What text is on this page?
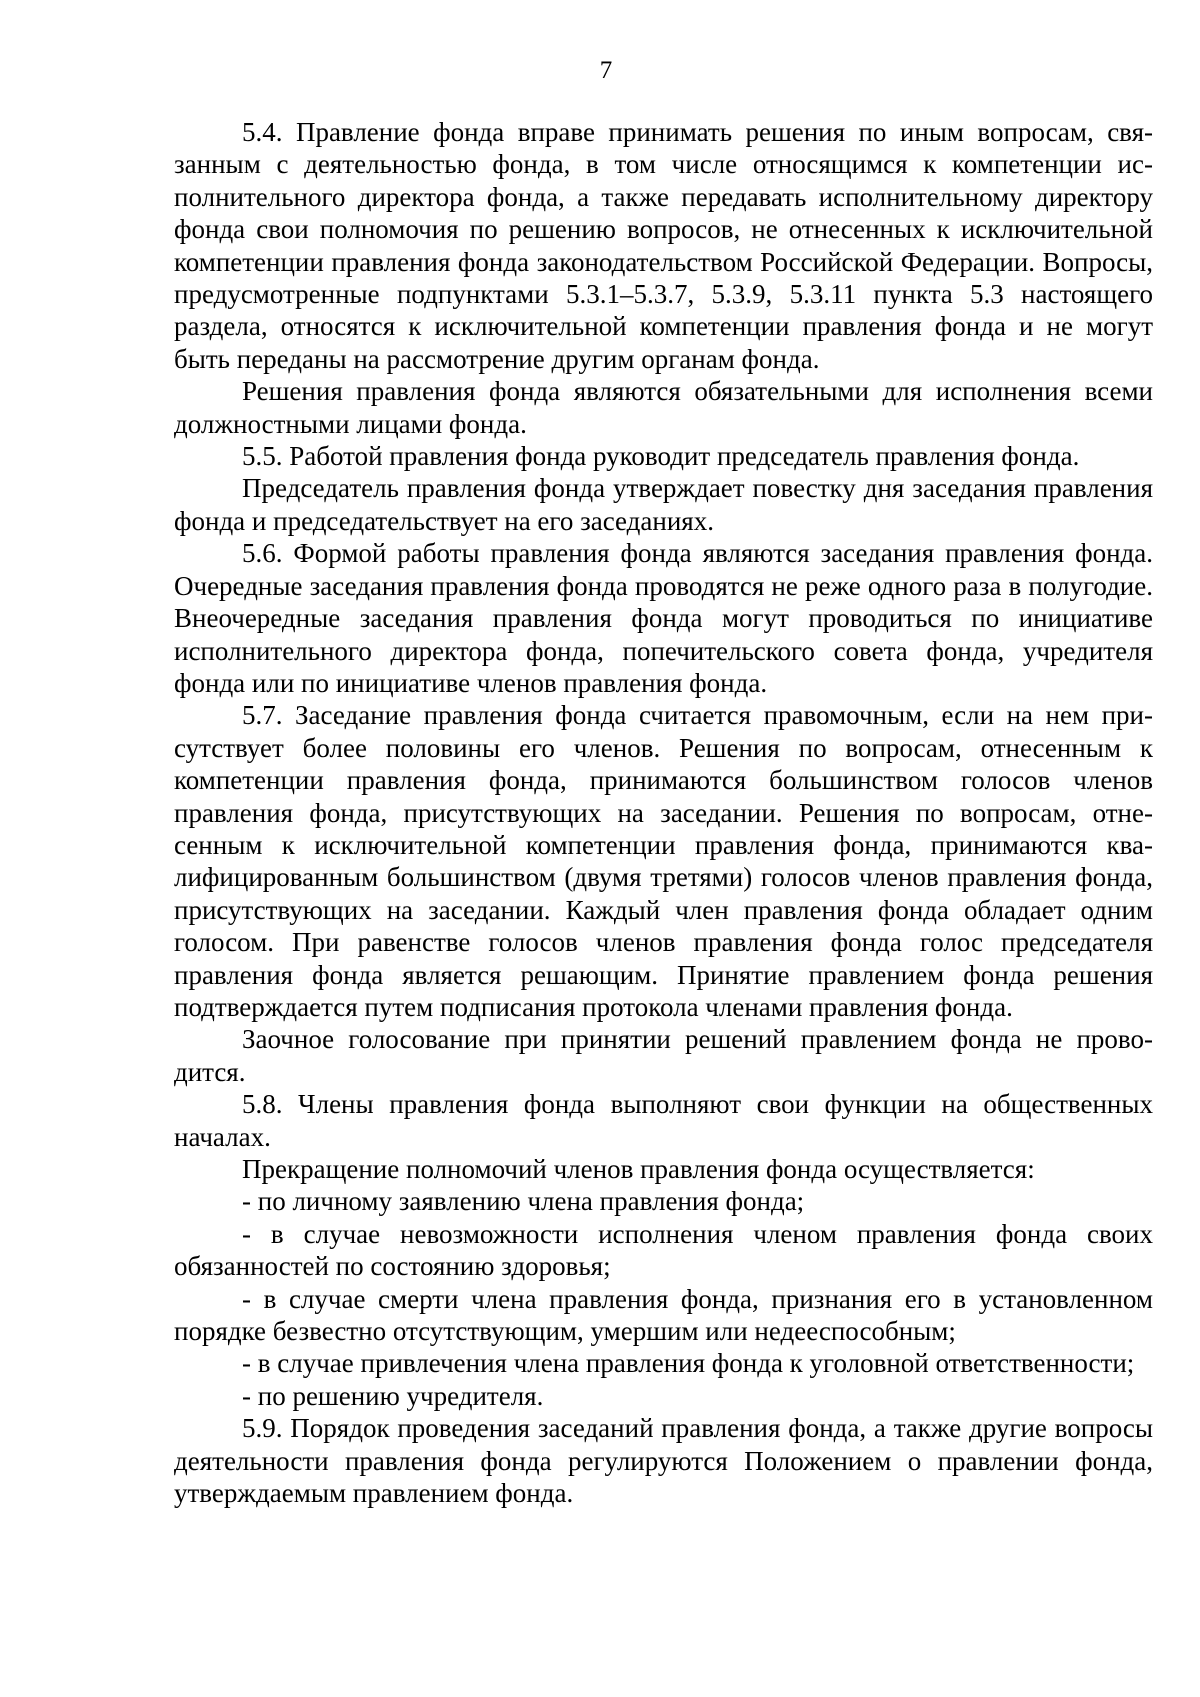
7

5.4. Правление фонда вправе принимать решения по иным вопросам, связанным с деятельностью фонда, в том числе относящимся к компетенции исполнительного директора фонда, а также передавать исполнительному директору фонда свои полномочия по решению вопросов, не отнесенных к исключительной компетенции правления фонда законодательством Российской Федерации. Вопросы, предусмотренные подпунктами 5.3.1–5.3.7, 5.3.9, 5.3.11 пункта 5.3 настоящего раздела, относятся к исключительной компетенции правления фонда и не могут быть переданы на рассмотрение другим органам фонда.

Решения правления фонда являются обязательными для исполнения всеми должностными лицами фонда.

5.5. Работой правления фонда руководит председатель правления фонда.

Председатель правления фонда утверждает повестку дня заседания правления фонда и председательствует на его заседаниях.

5.6. Формой работы правления фонда являются заседания правления фонда. Очередные заседания правления фонда проводятся не реже одного раза в полугодие. Внеочередные заседания правления фонда могут проводиться по инициативе исполнительного директора фонда, попечительского совета фонда, учредителя фонда или по инициативе членов правления фонда.

5.7. Заседание правления фонда считается правомочным, если на нем присутствует более половины его членов. Решения по вопросам, отнесенным к компетенции правления фонда, принимаются большинством голосов членов правления фонда, присутствующих на заседании. Решения по вопросам, отнесенным к исключительной компетенции правления фонда, принимаются квалифицированным большинством (двумя третями) голосов членов правления фонда, присутствующих на заседании. Каждый член правления фонда обладает одним голосом. При равенстве голосов членов правления фонда голос председателя правления фонда является решающим. Принятие правлением фонда решения подтверждается путем подписания протокола членами правления фонда.

Заочное голосование при принятии решений правлением фонда не проводится.

5.8. Члены правления фонда выполняют свои функции на общественных началах.

Прекращение полномочий членов правления фонда осуществляется:

- по личному заявлению члена правления фонда;

- в случае невозможности исполнения членом правления фонда своих обязанностей по состоянию здоровья;

- в случае смерти члена правления фонда, признания его в установленном порядке безвестно отсутствующим, умершим или недееспособным;

- в случае привлечения члена правления фонда к уголовной ответственности;

- по решению учредителя.

5.9. Порядок проведения заседаний правления фонда, а также другие вопросы деятельности правления фонда регулируются Положением о правлении фонда, утверждаемым правлением фонда.
